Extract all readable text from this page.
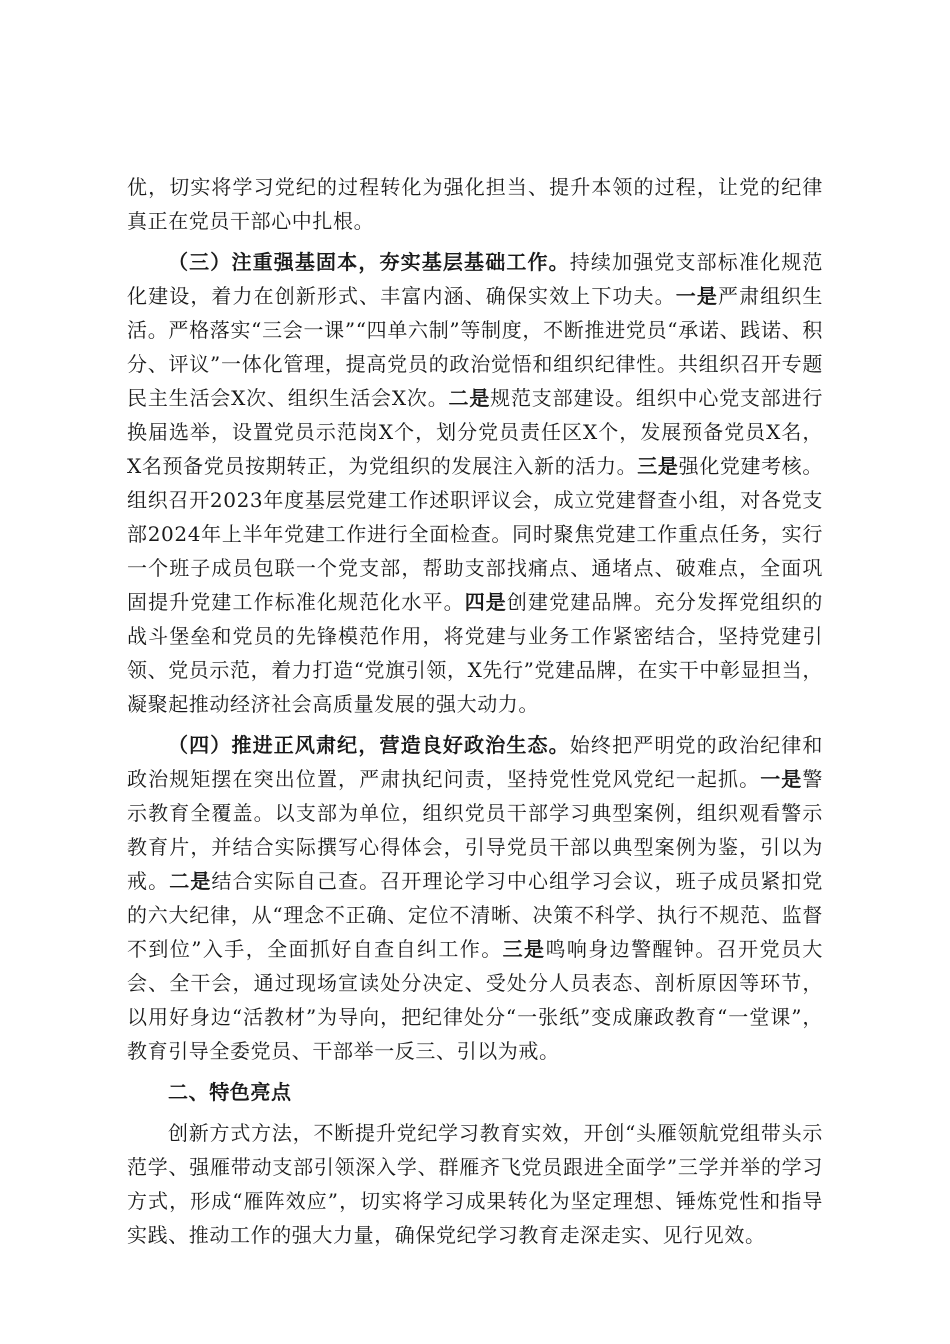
优，切实将学习党纪的过程转化为强化担当、提升本领的过程，让党的纪律真正在党员干部心中扎根。

（三）注重强基固本，夯实基层基础工作。持续加强党支部标准化规范化建设，着力在创新形式、丰富内涵、确保实效上下功夫。一是严肃组织生活。严格落实“三会一课”“四单六制”等制度，不断推进党员“承诺、践诺、积分、评议”一体化管理，提高党员的政治觉悟和组织纪律性。共组织召开专题民主生活会X次、组织生活会X次。二是规范支部建设。组织中心党支部进行换届选举，设置党员示范岗X个，划分党员责任区X个，发展预备党员X名，X名预备党员按期转正，为党组织的发展注入新的活力。三是强化党建考核。组织召开2023年度基层党建工作述职评议会，成立党建督查小组，对各党支部2024年上半年党建工作进行全面检查。同时聚焦党建工作重点任务，实行一个班子成员包联一个党支部，帮助支部找痛点、通堵点、破难点，全面巩固提升党建工作标准化规范化水平。四是创建党建品牌。充分发挥党组织的战斗堡垒和党员的先锋模范作用，将党建与业务工作紧密结合，坚持党建引领、党员示范，着力打造“党旗引领，X先行”党建品牌，在实干中彰显担当，凝聚起推动经济社会高质量发展的强大动力。

（四）推进正风肃纪，营造良好政治生态。始终把严明党的政治纪律和政治规矩摆在突出位置，严肃执纪问责，坚持党性党风党纪一起抓。一是警示教育全覆盖。以支部为单位，组织党员干部学习典型案例，组织观看警示教育片，并结合实际撰写心得体会，引导党员干部以典型案例为鉴，引以为戒。二是结合实际自己查。召开理论学习中心组学习会议，班子成员紧扣党的六大纪律，从“理念不正确、定位不清晰、决策不科学、执行不规范、监督不到位”入手，全面抓好自查自纠工作。三是鸣响身边警醒钟。召开党员大会、全干会，通过现场宣读处分决定、受处分人员表态、剖析原因等环节，以用好身边“活教材”为导向，把纪律处分“一张纸”变成廉政教育“一堂课”，教育引导全委党员、干部举一反三、引以为戒。

二、特色亮点

创新方式方法，不断提升党纪学习教育实效，开创“头雁领航党组带头示范学、强雁带动支部引领深入学、群雁齐飞党员跟进全面学”三学并举的学习方式，形成“雁阵效应”，切实将学习成果转化为坚定理想、锤炼党性和指导实践、推动工作的强大力量，确保党纪学习教育走深走实、见行见效。
